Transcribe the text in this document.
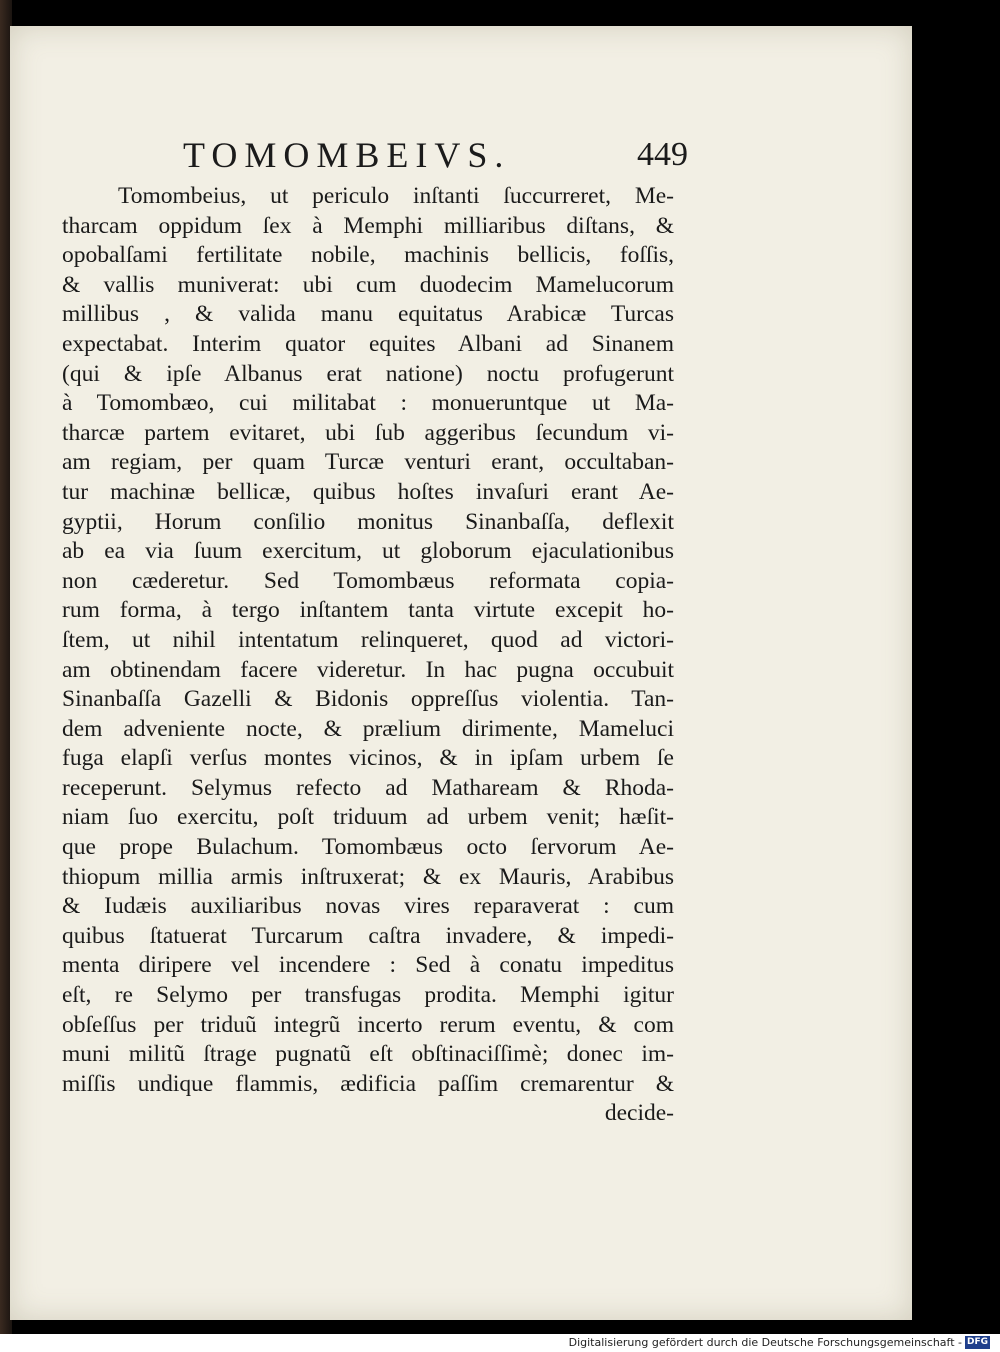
TOMOMBEIVS.	449
Tomombeius, ut periculo inſtanti ſuccurreret, Me-
tharcam oppidum ſex à Memphi milliaribus diſtans, &
opobalſami fertilitate nobile, machinis bellicis, foſſis,
& vallis muniverat: ubi cum duodecim Mamelucorum
millibus , & valida manu equitatus Arabicæ Turcas
expectabat. Interim quator equites Albani ad Sinanem
(qui & ipſe Albanus erat natione) noctu profugerunt
à Tomombæo, cui militabat : monueruntque ut Ma-
tharcæ partem evitaret, ubi ſub aggeribus ſecundum vi-
am regiam, per quam Turcæ venturi erant, occultaban-
tur machinæ bellicæ, quibus hoſtes invaſuri erant Ae-
gyptii, Horum conſilio monitus Sinanbaſſa, deflexit
ab ea via ſuum exercitum, ut globorum ejaculationibus
non cæderetur. Sed Tomombæus reformata copia-
rum forma, à tergo inſtantem tanta virtute excepit ho-
ſtem, ut nihil intentatum relinqueret, quod ad victori-
am obtinendam facere videretur. In hac pugna occubuit
Sinanbaſſa Gazelli & Bidonis oppreſſus violentia. Tan-
dem adveniente nocte, & prælium dirimente, Mameluci
fuga elapſi verſus montes vicinos, & in ipſam urbem ſe
receperunt. Selymus refecto ad Mathaream & Rhoda-
niam ſuo exercitu, poſt triduum ad urbem venit; hæſit-
que prope Bulachum. Tomombæus octo ſervorum Ae-
thiopum millia armis inſtruxerat; & ex Mauris, Arabibus
& Iudæis auxiliaribus novas vires reparaverat : cum
quibus ſtatuerat Turcarum caſtra invadere, & impedi-
menta diripere vel incendere : Sed à conatu impeditus
eſt, re Selymo per transfugas prodita. Memphi igitur
obſeſſus per triduũ integrũ incerto rerum eventu, & com
muni militũ ſtrage pugnatũ eſt obſtinaciſſimè; donec im-
miſſis undique flammis, ædificia paſſim cremarentur &
decide-
Digitalisierung gefördert durch die Deutsche Forschungsgemeinschaft - DFG
